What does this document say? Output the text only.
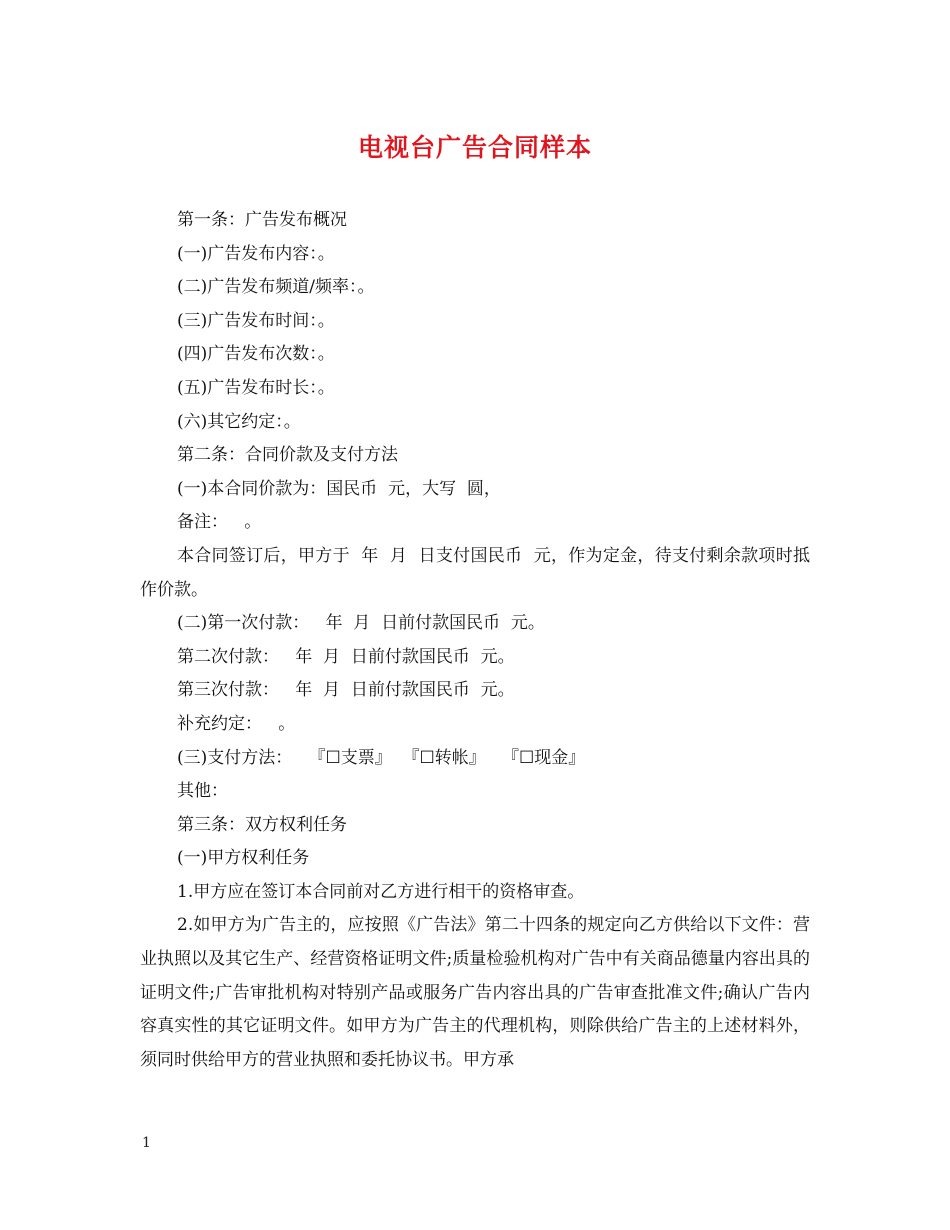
电视台广告合同样本

第一条：广告发布概况

(一)广告发布内容：。

(二)广告发布频道/频率：。

(三)广告发布时间：。

(四)广告发布次数：。

(五)广告发布时长：。

(六)其它约定：。

第二条：合同价款及支付方法

(一)本合同价款为：国民币  元，大写  圆，

备注：   。

本合同签订后，甲方于  年  月  日支付国民币  元，作为定金，待支付剩余款项时抵作价款。

(二)第一次付款：   年  月  日前付款国民币  元。

第二次付款：   年  月  日前付款国民币  元。

第三次付款：   年  月  日前付款国民币  元。

补充约定：   。

(三)支付方法：   『☐支票』  『☐转帐』   『☐现金』

其他：

第三条：双方权利任务

(一)甲方权利任务

1.甲方应在签订本合同前对乙方进行相干的资格审查。

2.如甲方为广告主的，应按照《广告法》第二十四条的规定向乙方供给以下文件：营业执照以及其它生产、经营资格证明文件;质量检验机构对广告中有关商品德量内容出具的证明文件;广告审批机构对特别产品或服务广告内容出具的广告审查批准文件;确认广告内容真实性的其它证明文件。如甲方为广告主的代理机构，则除供给广告主的上述材料外，须同时供给甲方的营业执照和委托协议书。甲方承

1
